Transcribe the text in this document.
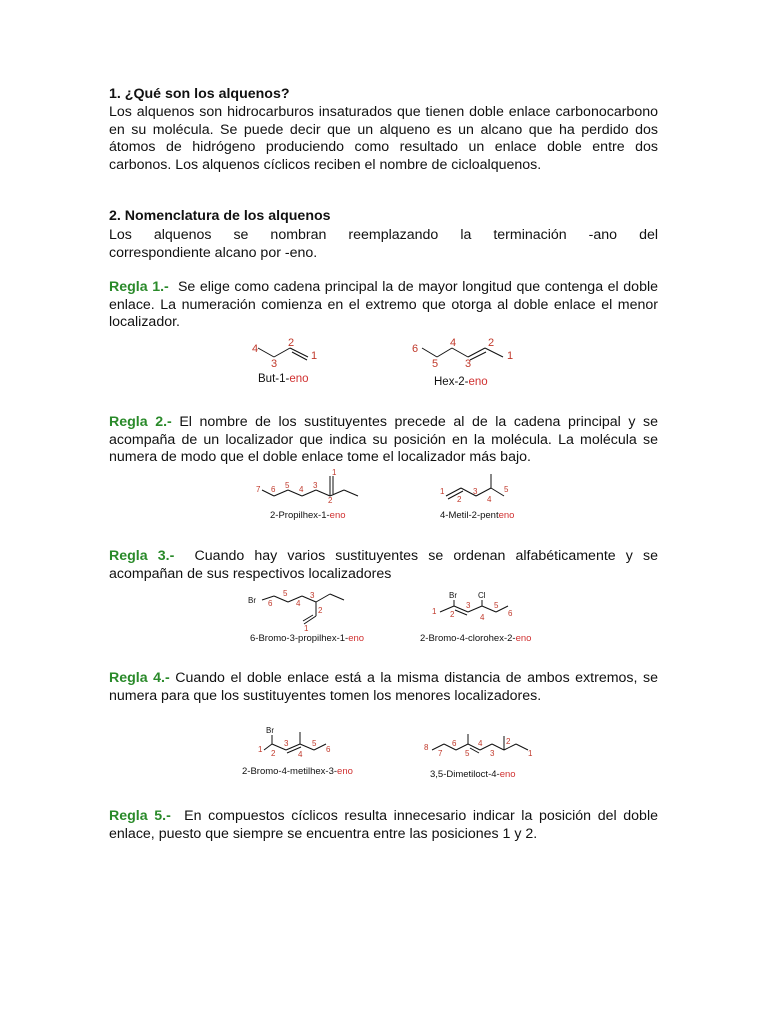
1. ¿Qué son los alquenos?
Los alquenos son hidrocarburos insaturados que tienen doble enlace carbonocarbono en su molécula. Se puede decir que un alqueno es un alcano que ha perdido dos átomos de hidrógeno produciendo como resultado un enlace doble entre dos carbonos. Los alquenos cíclicos reciben el nombre de cicloalquenos.
2. Nomenclatura de los alquenos
Los alquenos se nombran reemplazando la terminación -ano del
correspondiente alcano por -eno.
Regla 1.- Se elige como cadena principal la de mayor longitud que contenga el doble enlace. La numeración comienza en el extremo que otorga al doble enlace el menor localizador.
4
3
2
1
But-1-eno
6
5
4
3
2
1
Hex-2-eno
Regla 2.- El nombre de los sustituyentes precede al de la cadena principal y se acompaña de un localizador que indica su posición en la molécula. La molécula se numera de modo que el doble enlace tome el localizador más bajo.
7 6 5 4 3
2
1
2-Propilhex-1-eno
1
2
3
4
5
4-Metil-2-penteno
Regla 3.- Cuando hay varios sustituyentes se ordenan alfabéticamente y se acompañan de sus respectivos localizadores
Br 6
5
4
3
2
1
6-Bromo-3-propilhex-1-eno
Br	Cl
1 2
3
4
5
6
2-Bromo-4-clorohex-2-eno
Regla 4.- Cuando el doble enlace está a la misma distancia de ambos extremos, se numera para que los sustituyentes tomen los menores localizadores.
Br
1 2
3
4
5
6
2-Bromo-4-metilhex-3-eno
8
7
6
5
4
3
2
1
3,5-Dimetiloct-4-eno
Regla 5.- En compuestos cíclicos resulta innecesario indicar la posición del doble enlace, puesto que siempre se encuentra entre las posiciones 1 y 2.
